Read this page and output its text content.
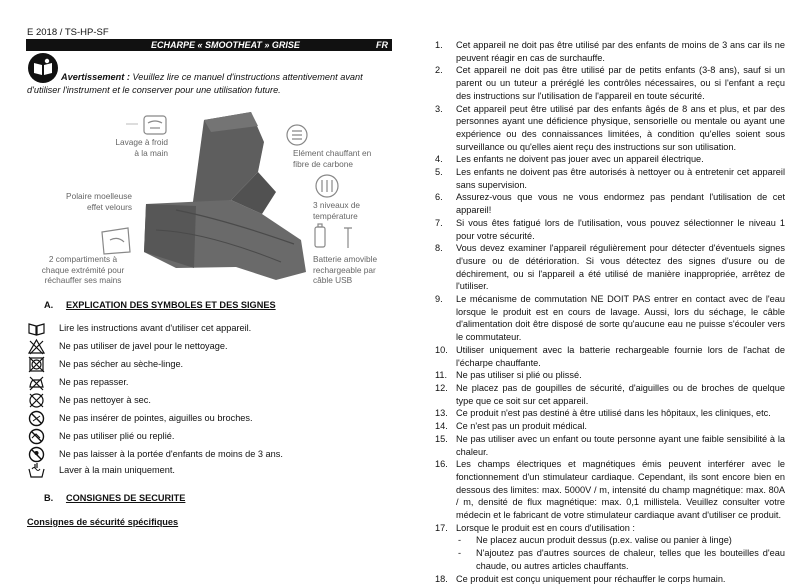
E 2018 / TS-HP-SF
ECHARPE « SMOOTHEAT » GRISE	FR
Avertissement : Veuillez lire ce manuel d'instructions attentivement avant d'utiliser l'instrument et le conserver pour une utilisation future.
Lavage à froid
à la main	Elément chauffant en
fibre de carbone
Polaire moelleuse
effet velours	3 niveaux de
température
2 compartiments à
chaque extrémité pour
réchauffer ses mains
Batterie amovible
rechargeable par
câble USB
A. EXPLICATION DES SYMBOLES ET DES SIGNES
Lire les instructions avant d'utiliser cet appareil.
Ne pas utiliser de javel pour le nettoyage.
Ne pas sécher au sèche-linge.
Ne pas repasser.
Ne pas nettoyer à sec.
Ne pas insérer de pointes, aiguilles ou broches.
Ne pas utiliser plié ou replié.
Ne pas laisser à la portée d'enfants de moins de 3 ans.
Laver à la main uniquement.
B. CONSIGNES DE SECURITE
Consignes de sécurité spécifiques
1. Cet appareil ne doit pas être utilisé par des enfants de moins de 3 ans car ils ne peuvent réagir en cas de surchauffe.
2. Cet appareil ne doit pas être utilisé par de petits enfants (3-8 ans), sauf si un parent ou un tuteur a préréglé les contrôles nécessaires, ou si l'enfant a reçu des instructions sur l'utilisation de l'appareil en toute sécurité.
3. Cet appareil peut être utilisé par des enfants âgés de 8 ans et plus, et par des personnes ayant une déficience physique, sensorielle ou mentale ou ayant une expérience ou des connaissances limitées, à condition qu'elles soient sous surveillance ou qu'elles aient reçu des instructions sur son utilisation.
4. Les enfants ne doivent pas jouer avec un appareil électrique.
5. Les enfants ne doivent pas être autorisés à nettoyer ou à entretenir cet appareil sans supervision.
6. Assurez-vous que vous ne vous endormez pas pendant l'utilisation de cet appareil!
7. Si vous êtes fatigué lors de l'utilisation, vous pouvez sélectionner le niveau 1 pour votre sécurité.
8. Vous devez examiner l'appareil régulièrement pour détecter d'éventuels signes d'usure ou de détérioration. Si vous détectez des signes d'usure ou de déchirement, ou si l'appareil a été utilisé de manière inappropriée, arrêtez de l'utiliser.
9. Le mécanisme de commutation NE DOIT PAS entrer en contact avec de l'eau lorsque le produit est en cours de lavage. Aussi, lors du séchage, le câble d'alimentation doit être disposé de sorte qu'aucune eau ne puisse s'écouler vers le commutateur.
10. Utiliser uniquement avec la batterie rechargeable fournie lors de l'achat de l'écharpe chauffante.
11. Ne pas utiliser si plié ou plissé.
12. Ne placez pas de goupilles de sécurité, d'aiguilles ou de broches de quelque type que ce soit sur cet appareil.
13. Ce produit n'est pas destiné à être utilisé dans les hôpitaux, les cliniques, etc.
14. Ce n'est pas un produit médical.
15. Ne pas utiliser avec un enfant ou toute personne ayant une faible sensibilité à la chaleur.
16. Les champs électriques et magnétiques émis peuvent interférer avec le fonctionnement d'un stimulateur cardiaque. Cependant, ils sont encore bien en dessous des limites: max. 5000V / m, intensité du champ magnétique: max. 80A / m, densité de flux magnétique: max. 0,1 millistela. Veuillez consulter votre médecin et le fabricant de votre stimulateur cardiaque avant d'utiliser ce produit.
17. Lorsque le produit est en cours d'utilisation :
- Ne placez aucun produit dessus (p.ex. valise ou panier à linge)
- N'ajoutez pas d'autres sources de chaleur, telles que les bouteilles d'eau chaude, ou autres articles chauffants.
18. Ce produit est conçu uniquement pour réchauffer le corps humain.
